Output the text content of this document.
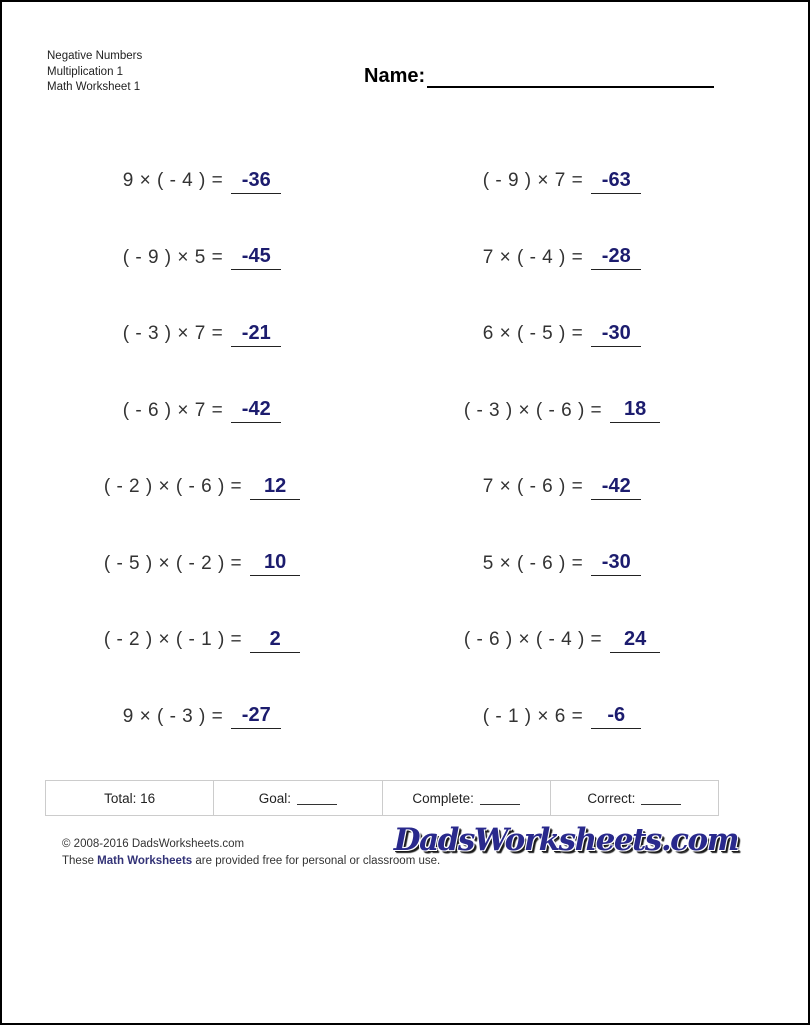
Negative Numbers
Multiplication 1
Math Worksheet 1	Name:
9 × ( - 4 ) = -36
( - 9 ) × 5 = -45
( - 3 ) × 7 = -21
( - 6 ) × 7 = -42
( - 2 ) × ( - 6 ) =	12
( - 5 ) × ( - 2 ) =	10
( - 2 ) × ( - 1 ) =	2
9 × ( - 3 ) = -27
( - 9 ) × 7 = -63
7 × ( - 4 ) = -28
6 × ( - 5 ) = -30
( - 3 ) × ( - 6 ) =	18
7 × ( - 6 ) = -42
5 × ( - 6 ) = -30
( - 6 ) × ( - 4 ) =	24
( - 1 ) × 6 =	-6
Total: 16	Goal:	Complete:	Correct:
© 2008-2016 DadsWorksheets.com
These Math Worksheets are provided free for personal or classroom use.
DadsWorksheets.com
